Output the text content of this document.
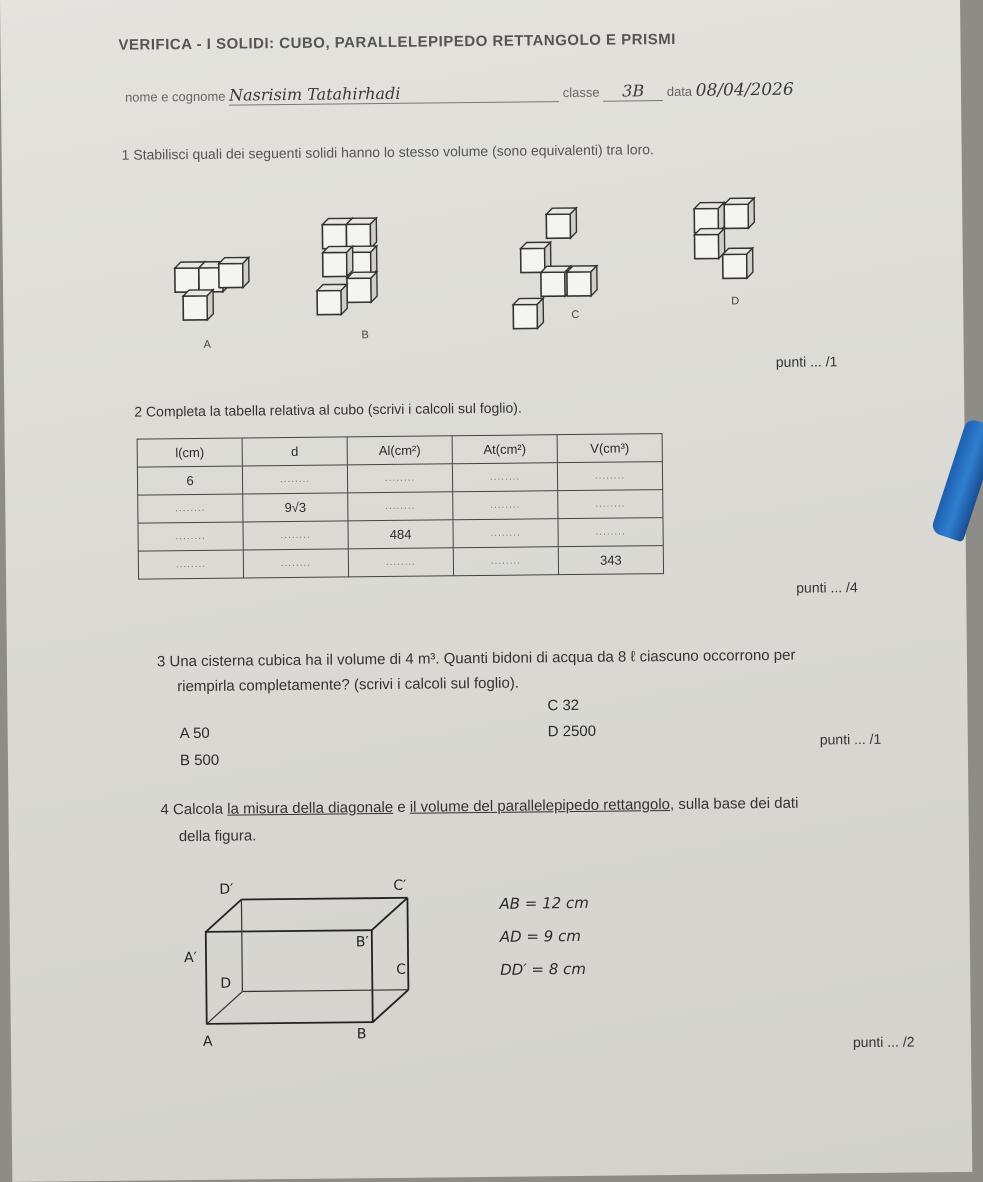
VERIFICA - I SOLIDI: CUBO, PARALLELEPIPEDO RETTANGOLO E PRISMI
nome e cognome Nasrisim Tatahirhadi	classe 3B data 08/04/2026
1 Stabilisci quali dei seguenti solidi hanno lo stesso volume (sono equivalenti) tra loro.
A
B
C
D
punti ... /1
2 Completa la tabella relativa al cubo (scrivi i calcoli sul foglio).
l(cm)	d	Al(cm²)	At(cm²)	V(cm³)
6	........	........	........	........
........	9√3	........	........	........
........	........	484	........	........
........	........	........	........	343
punti ... /4
3 Una cisterna cubica ha il volume di 4 m³. Quanti bidoni di acqua da 8 ℓ ciascuno occorrono per
riempirla completamente? (scrivi i calcoli sul foglio).
C 32
A 50	D 2500
B 500
punti ... /1
4 Calcola la misura della diagonale e il volume del parallelepipedo rettangolo, sulla base dei dati
della figura.
D′	C′
A′
B′
D
C
A	B
AB = 12 cm
AD = 9 cm
DD′ = 8 cm
punti ... /2
